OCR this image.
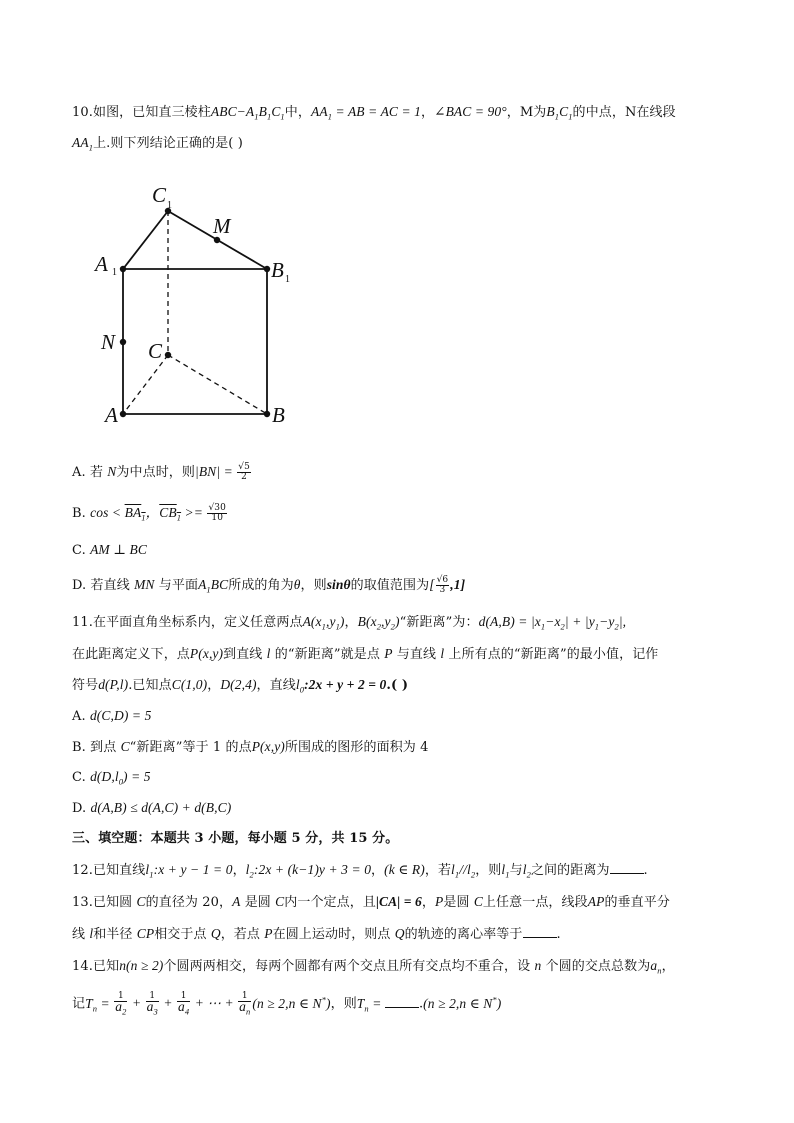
10.如图，已知直三棱柱$ABC-A_1B_1C_1$中，$AA_1$ = AB = AC = 1，∠BAC = 90°，M为$B_1C_1$的中点，N在线段
$AA_1$上.则下列结论正确的是( )
C 1
M
A 1	B 1
N C
A	B
A. 若 N为中点时，则$|BN| = \frac{√5}{2}$
B. $\cos < BA_1$，$CB_1 >= \frac{√30}{10}$
C. AM ⊥ BC
D. 若直线 MN 与平面$A_1BC$所成的角为θ，则sinθ的取值范围为[ $\frac{√6}{3} ,1$]
11.在平面直角坐标系内，定义任意两点$A(x_1,y_1)$，$B(x_2,y_2)“$新距离”为：$d(A,B) = |x_1-x_2| + |y_1-y_2|$,
在此距离定义下，点P(x,y)到直线 l 的“新距离”就是点 P 与直线 l 上所有点的“新距离”的最小值，记作
符号d(P,l).已知点C(1,0)，D(2,4)，直线$l_0:2x + y + 2 = 0$.( )
A. d(C,D) = 5
B. 到点 C“新距离”等于 1 的点P(x,y)所围成的图形的面积为 4
C. $d(D,l_0) = 5$
D. d(A,B) ≤ d(A,C) + d(B,C)
三、填空题：本题共 3 小题，每小题 5 分，共 15 分。
12.已知直线$l_1:x + y - 1 = 0$，$l_2:2x + (k-1)y + 3 = 0$，(k ∈ R)，若$l_1//l_2$，则$l_1$与$l_2$之间的距离为	.
13.已知圆 C的直径为 20，A 是圆 C内一个定点，且|CA| = 6，P是圆 C上任意一点，线段AP的垂直平分
线 l和半径 CP相交于点 Q，若点 P在圆上运动时，则点 Q的轨迹的离心率等于	.
14.已知n(n ≥ 2)个圆两两相交，每两个圆都有两个交点且所有交点均不重合，设 n 个圆的交点总数为$a_n$，
记$T_n = \frac{1}{a_2} + \frac{1}{a_3} + \frac{1}{a_4}$ + ⋯ + $\frac{1}{a_n} (n \ge 2,n$ ∈ N*)，则$T_n$ =	.(n ≥ 2,n ∈ N*)
